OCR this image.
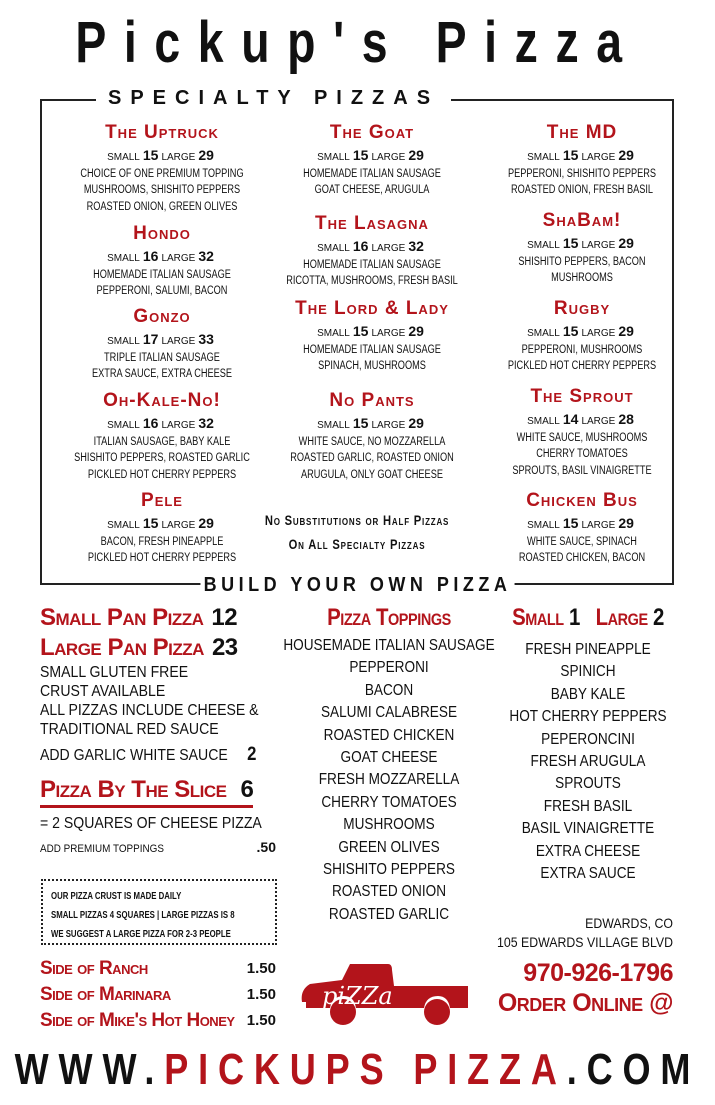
Pickup's Pizza
SPECIALTY PIZZAS
The Uptruck
SMALL 15 LARGE 29
CHOICE OF ONE PREMIUM TOPPING
MUSHROOMS, SHISHITO PEPPERS
ROASTED ONION, GREEN OLIVES
Hondo
SMALL 16 LARGE 32
HOMEMADE ITALIAN SAUSAGE
PEPPERONI, SALUMI, BACON
Gonzo
SMALL 17 LARGE 33
TRIPLE ITALIAN SAUSAGE
EXTRA SAUCE, EXTRA CHEESE
Oh-Kale-No!
SMALL 16 LARGE 32
ITALIAN SAUSAGE, BABY KALE
SHISHITO PEPPERS, ROASTED GARLIC
PICKLED HOT CHERRY PEPPERS
Pele
SMALL 15 LARGE 29
BACON, FRESH PINEAPPLE
PICKLED HOT CHERRY PEPPERS
The Goat
SMALL 15 LARGE 29
HOMEMADE ITALIAN SAUSAGE
GOAT CHEESE, ARUGULA
The Lasagna
SMALL 16 LARGE 32
HOMEMADE ITALIAN SAUSAGE
RICOTTA, MUSHROOMS, FRESH BASIL
The Lord & Lady
SMALL 15 LARGE 29
HOMEMADE ITALIAN SAUSAGE
SPINACH, MUSHROOMS
No Pants
SMALL 15 LARGE 29
WHITE SAUCE, NO MOZZARELLA
ROASTED GARLIC, ROASTED ONION
ARUGULA, ONLY GOAT CHEESE
The MD
SMALL 15 LARGE 29
PEPPERONI, SHISHITO PEPPERS
ROASTED ONION, FRESH BASIL
ShaBam!
SMALL 15 LARGE 29
SHISHITO PEPPERS, BACON
MUSHROOMS
Rugby
SMALL 15 LARGE 29
PEPPERONI, MUSHROOMS
PICKLED HOT CHERRY PEPPERS
The Sprout
SMALL 14 LARGE 28
WHITE SAUCE, MUSHROOMS
CHERRY TOMATOES
SPROUTS, BASIL VINAIGRETTE
Chicken Bus
SMALL 15 LARGE 29
WHITE SAUCE, SPINACH
ROASTED CHICKEN, BACON
No Substitutions or Half Pizzas
On All Specialty Pizzas
BUILD YOUR OWN PIZZA
Small Pan Pizza 12
Large Pan Pizza 23
SMALL GLUTEN FREE
CRUST AVAILABLE
ALL PIZZAS INCLUDE CHEESE &
TRADITIONAL RED SAUCE
ADD GARLIC WHITE SAUCE 2
Pizza By The Slice 6
= 2 SQUARES OF CHEESE PIZZA
ADD PREMIUM TOPPINGS	.50
OUR PIZZA CRUST IS MADE DAILY
SMALL PIZZAS 4 SQUARES | LARGE PIZZAS IS 8
WE SUGGEST A LARGE PIZZA FOR 2-3 PEOPLE
Side of Ranch	1.50
Side of Marinara	1.50
Side of Mike's Hot Honey 1.50
Pizza Toppings
HOUSEMADE ITALIAN SAUSAGE
PEPPERONI
BACON
SALUMI CALABRESE
ROASTED CHICKEN
GOAT CHEESE
FRESH MOZZARELLA
CHERRY TOMATOES
MUSHROOMS
GREEN OLIVES
SHISHITO PEPPERS
ROASTED ONION
ROASTED GARLIC
Small 1 Large 2
FRESH PINEAPPLE
SPINICH
BABY KALE
HOT CHERRY PEPPERS
PEPERONCINI
FRESH ARUGULA
SPROUTS
FRESH BASIL
BASIL VINAIGRETTE
EXTRA CHEESE
EXTRA SAUCE
EDWARDS, CO
105 EDWARDS VILLAGE BLVD
970-926-1796
Order Online @
piZZa
WWW.PICKUPS PIZZA.COM
